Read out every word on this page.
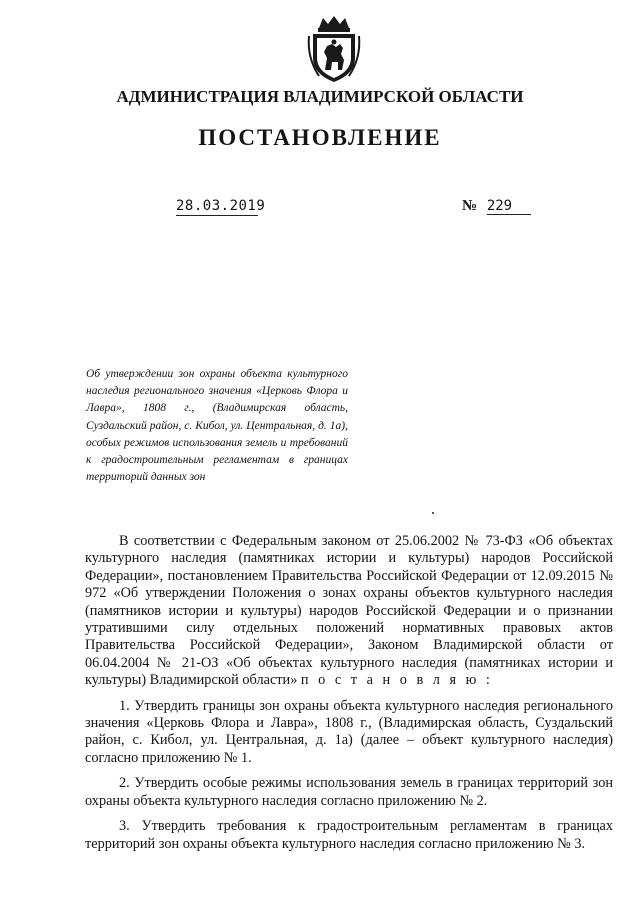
АДМИНИСТРАЦИЯ ВЛАДИМИРСКОЙ ОБЛАСТИ
ПОСТАНОВЛЕНИЕ
28.03.2019	№ 229

Об утверждении зон охраны объекта культурного наследия регионального значения «Церковь Флора и Лавра», 1808 г., (Владимирская область, Суздальский район, с. Кибол, ул. Центральная, д. 1а), особых режимов использования земель и требований к градостроительным регламентам в границах территорий данных зон

В соответствии с Федеральным законом от 25.06.2002 № 73-ФЗ «Об объектах культурного наследия (памятниках истории и культуры) народов Российской Федерации», постановлением Правительства Российской Федерации от 12.09.2015 № 972 «Об утверждении Положения о зонах охраны объектов культурного наследия (памятников истории и культуры) народов Российской Федерации и о признании утратившими силу отдельных положений нормативных правовых актов Правительства Российской Федерации», Законом Владимирской области от 06.04.2004 № 21-ОЗ «Об объектах культурного наследия (памятниках истории и культуры) Владимирской области» п о с т а н о в л я ю :

1. Утвердить границы зон охраны объекта культурного наследия регионального значения «Церковь Флора и Лавра», 1808 г., (Владимирская область, Суздальский район, с. Кибол, ул. Центральная, д. 1а) (далее – объект культурного наследия) согласно приложению № 1.

2. Утвердить особые режимы использования земель в границах территорий зон охраны объекта культурного наследия согласно приложению № 2.

3. Утвердить требования к градостроительным регламентам в границах территорий зон охраны объекта культурного наследия согласно приложению № 3.
